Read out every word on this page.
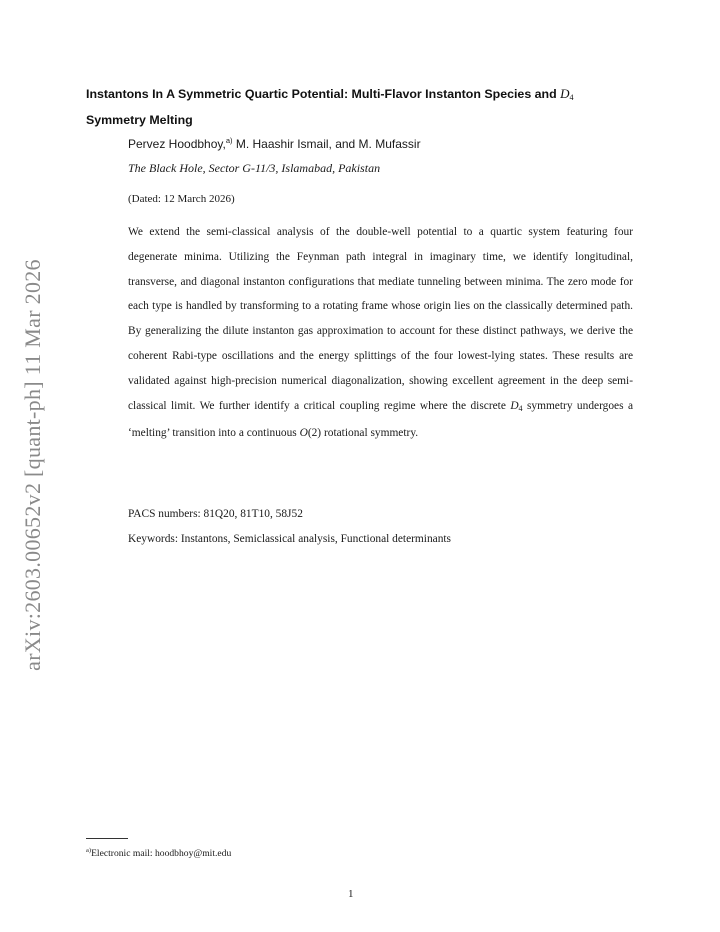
arXiv:2603.00652v2 [quant-ph] 11 Mar 2026
Instantons In A Symmetric Quartic Potential: Multi-Flavor Instanton Species and $D_4$
Symmetry Melting
Pervez Hoodbhoy,$^{a)}$ M. Haashir Ismail, and M. Mufassir
The Black Hole, Sector G-11/3, Islamabad, Pakistan
(Dated: 12 March 2026)
We extend the semi-classical analysis of the double-well potential to a quartic system featuring four degenerate minima. Utilizing the Feynman path integral in imaginary time, we identify longitudinal, transverse, and diagonal instanton configurations that mediate tunneling between minima. The zero mode for each type is handled by transforming to a rotating frame whose origin lies on the classically determined path. By generalizing the dilute instanton gas approximation to account for these distinct pathways, we derive the coherent Rabi-type oscillations and the energy splittings of the four lowest-lying states. These results are validated against high-precision numerical diagonalization, showing excellent agreement in the deep semi-classical limit. We further identify a critical coupling regime where the discrete $D_4$ symmetry undergoes a ‘melting’ transition into a continuous O(2) rotational symmetry.
PACS numbers: 81Q20, 81T10, 58J52
Keywords: Instantons, Semiclassical analysis, Functional determinants
$^{a)}$Electronic mail: hoodbhoy@mit.edu
1
